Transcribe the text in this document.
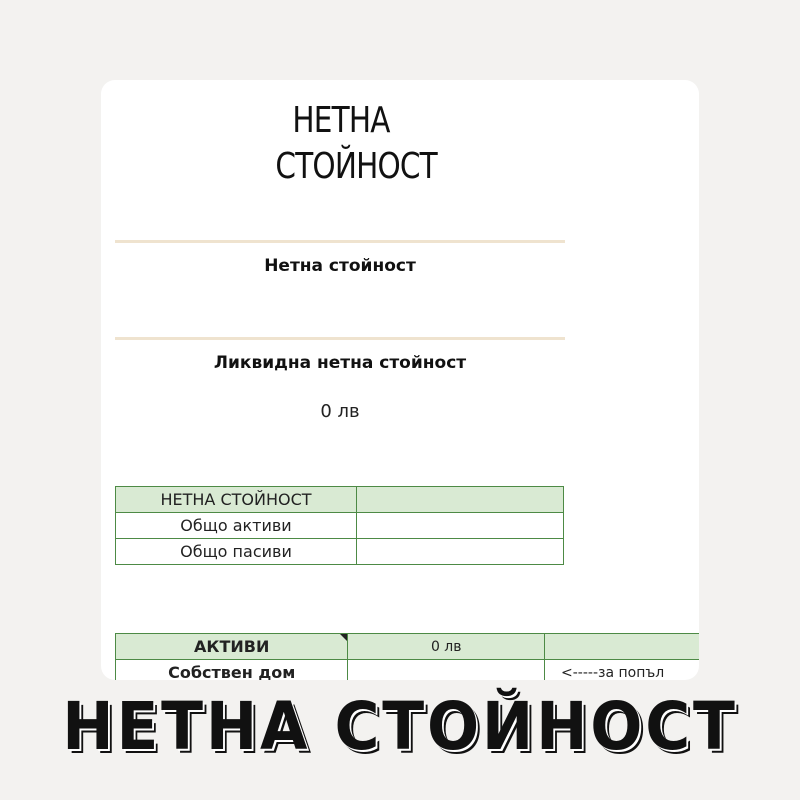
НЕТНА
СТОЙНОСТ
Нетна стойност
Ликвидна нетна стойност
0 лв
НЕТНА СТОЙНОСТ	
Общо активи	
Общо пасиви	
АКТИВИ	0 лв	
Собствен дом		<-----за попъл
НЕТНА СТОЙНОСТ
